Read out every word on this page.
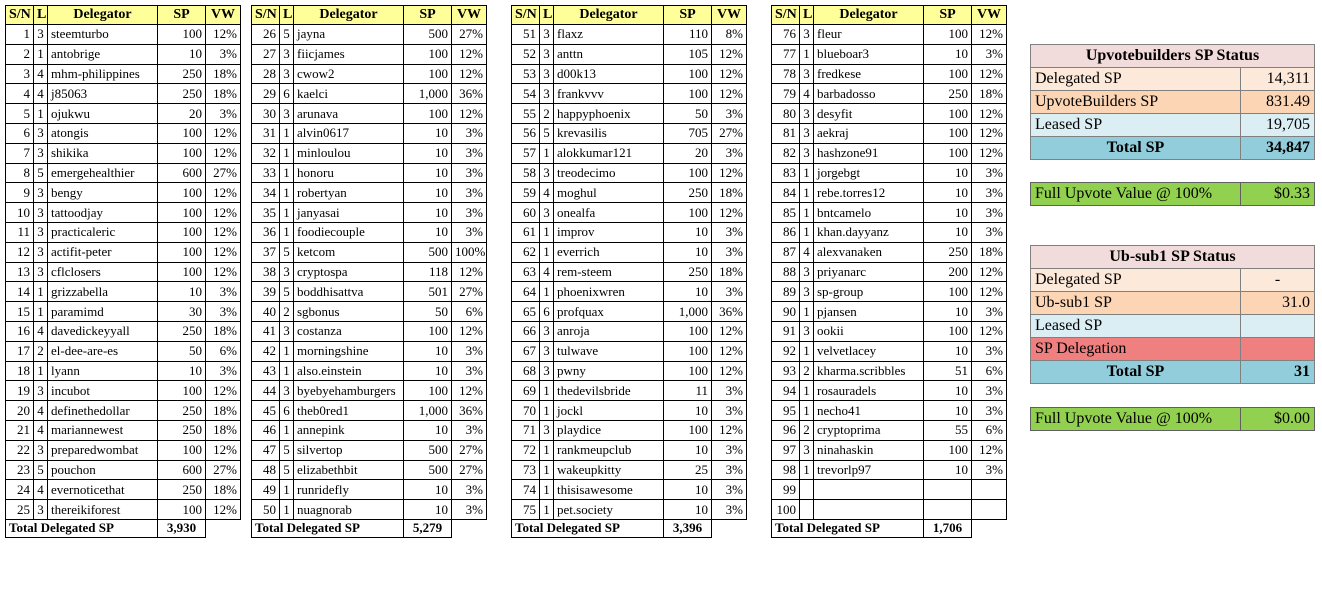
S/N	L	Delegator	SP	VW
1	3	steemturbo	100	12%
2	1	antobrige	10	3%
3	4	mhm-philippines	250	18%
4	4	j85063	250	18%
5	1	ojukwu	20	3%
6	3	atongis	100	12%
7	3	shikika	100	12%
8	5	emergehealthier	600	27%
9	3	bengy	100	12%
10	3	tattoodjay	100	12%
11	3	practicaleric	100	12%
12	3	actifit-peter	100	12%
13	3	cflclosers	100	12%
14	1	grizzabella	10	3%
15	1	paramimd	30	3%
16	4	davedickeyyall	250	18%
17	2	el-dee-are-es	50	6%
18	1	lyann	10	3%
19	3	incubot	100	12%
20	4	definethedollar	250	18%
21	4	mariannewest	250	18%
22	3	preparedwombat	100	12%
23	5	pouchon	600	27%
24	4	evernoticethat	250	18%
25	3	thereikiforest	100	12%
Total Delegated SP			3,930	
S/N	L	Delegator	SP	VW
26	5	jayna	500	27%
27	3	fiicjames	100	12%
28	3	cwow2	100	12%
29	6	kaelci	1,000	36%
30	3	arunava	100	12%
31	1	alvin0617	10	3%
32	1	minloulou	10	3%
33	1	honoru	10	3%
34	1	robertyan	10	3%
35	1	janyasai	10	3%
36	1	foodiecouple	10	3%
37	5	ketcom	500	100%
38	3	cryptospa	118	12%
39	5	boddhisattva	501	27%
40	2	sgbonus	50	6%
41	3	costanza	100	12%
42	1	morningshine	10	3%
43	1	also.einstein	10	3%
44	3	byebyehamburgers	100	12%
45	6	theb0red1	1,000	36%
46	1	annepink	10	3%
47	5	silvertop	500	27%
48	5	elizabethbit	500	27%
49	1	runridefly	10	3%
50	1	nuagnorab	10	3%
Total Delegated SP			5,279	
S/N	L	Delegator	SP	VW
51	3	flaxz	110	8%
52	3	anttn	105	12%
53	3	d00k13	100	12%
54	3	frankvvv	100	12%
55	2	happyphoenix	50	3%
56	5	krevasilis	705	27%
57	1	alokkumar121	20	3%
58	3	treodecimo	100	12%
59	4	moghul	250	18%
60	3	onealfa	100	12%
61	1	improv	10	3%
62	1	everrich	10	3%
63	4	rem-steem	250	18%
64	1	phoenixwren	10	3%
65	6	profquax	1,000	36%
66	3	anroja	100	12%
67	3	tulwave	100	12%
68	3	pwny	100	12%
69	1	thedevilsbride	11	3%
70	1	jockl	10	3%
71	3	playdice	100	12%
72	1	rankmeupclub	10	3%
73	1	wakeupkitty	25	3%
74	1	thisisawesome	10	3%
75	1	pet.society	10	3%
Total Delegated SP			3,396	
S/N	L	Delegator	SP	VW
76	3	fleur	100	12%
77	1	blueboar3	10	3%
78	3	fredkese	100	12%
79	4	barbadosso	250	18%
80	3	desyfit	100	12%
81	3	aekraj	100	12%
82	3	hashzone91	100	12%
83	1	jorgebgt	10	3%
84	1	rebe.torres12	10	3%
85	1	bntcamelo	10	3%
86	1	khan.dayyanz	10	3%
87	4	alexvanaken	250	18%
88	3	priyanarc	200	12%
89	3	sp-group	100	12%
90	1	pjansen	10	3%
91	3	ookii	100	12%
92	1	velvetlacey	10	3%
93	2	kharma.scribbles	51	6%
94	1	rosauradels	10	3%
95	1	necho41	10	3%
96	2	cryptoprima	55	6%
97	3	ninahaskin	100	12%
98	1	trevorlp97	10	3%
99				
100				
Total Delegated SP			1,706	
Upvotebuilders SP Status	
Delegated SP	14,311
UpvoteBuilders SP	831.49
Leased SP	19,705
Total SP	34,847
Full Upvote Value @ 100%	$0.33
Ub-sub1 SP Status	
Delegated SP	-
Ub-sub1 SP	31.0
Leased SP	
SP Delegation	
Total SP	31
Full Upvote Value @ 100%	$0.00
